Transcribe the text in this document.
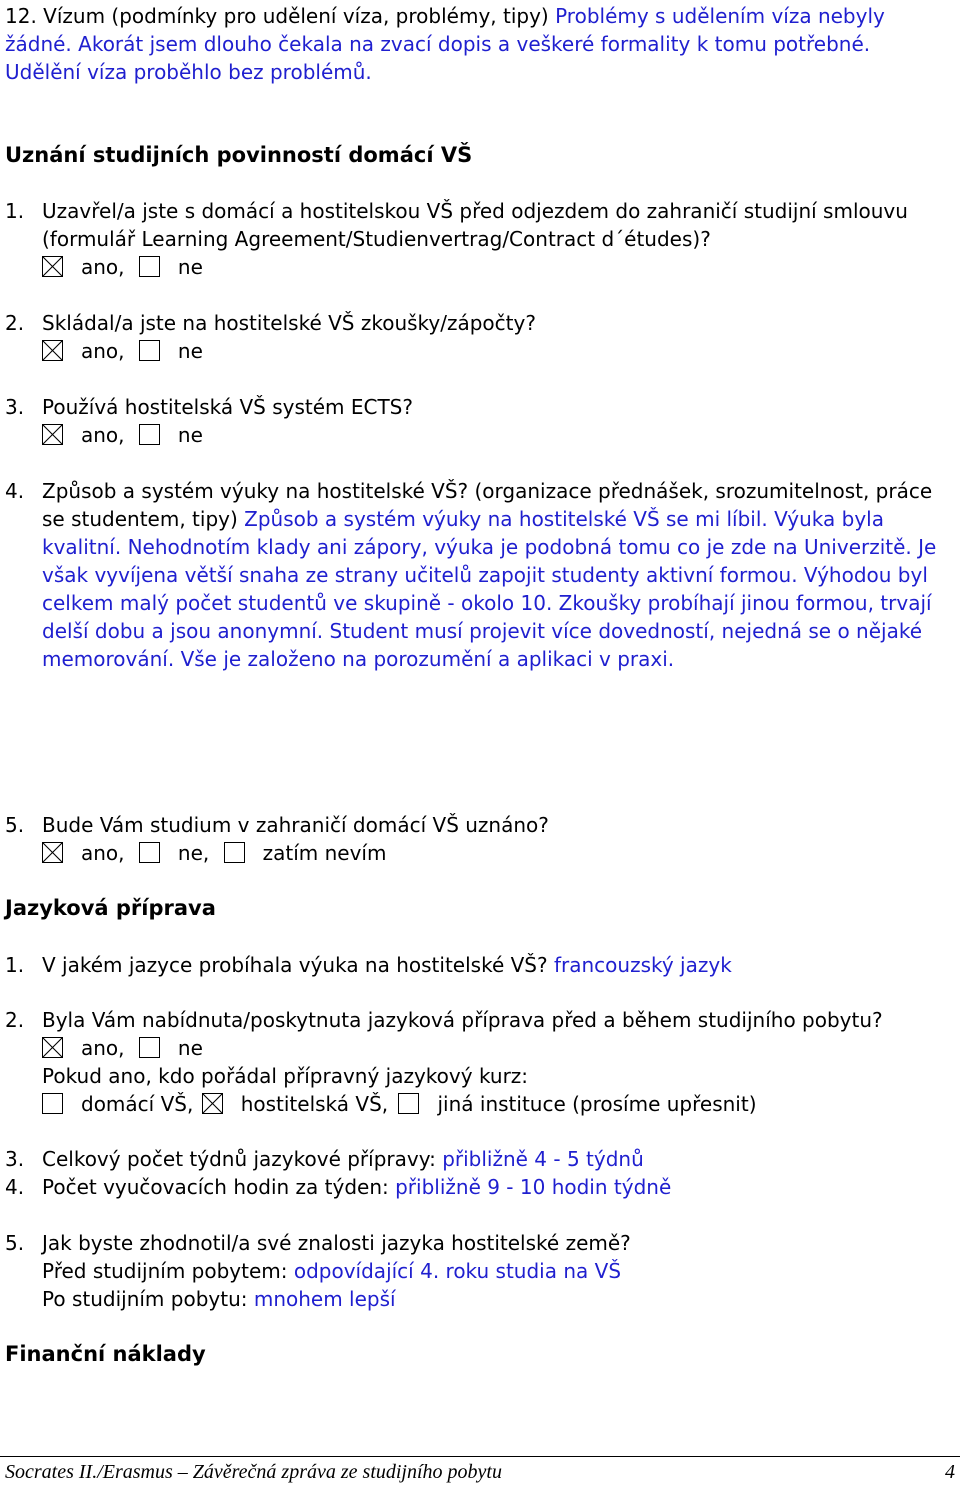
12. Vízum (podmínky pro udělení víza, problémy, tipy) Problémy s udělením víza nebyly
žádné. Akorát jsem dlouho čekala na zvací dopis a veškeré formality k tomu potřebné.
Udělění víza proběhlo bez problémů.
Uznání studijních povinností domácí VŠ
1. Uzavřel/a jste s domácí a hostitelskou VŠ před odjezdem do zahraničí studijní smlouvu
(formulář Learning Agreement/Studienvertrag/Contract d´études)?
ano,	ne
2. Skládal/a jste na hostitelské VŠ zkoušky/zápočty?
ano,	ne
3. Používá hostitelská VŠ systém ECTS?
ano,	ne
4. Způsob a systém výuky na hostitelské VŠ? (organizace přednášek, srozumitelnost, práce
se studentem, tipy) Způsob a systém výuky na hostitelské VŠ se mi líbil. Výuka byla
kvalitní. Nehodnotím klady ani zápory, výuka je podobná tomu co je zde na Univerzitě. Je
však vyvíjena větší snaha ze strany učitelů zapojit studenty aktivní formou. Výhodou byl
celkem malý počet studentů ve skupině - okolo 10. Zkoušky probíhají jinou formou, trvají
delší dobu a jsou anonymní. Student musí projevit více dovedností, nejedná se o nějaké
memorování. Vše je založeno na porozumění a aplikaci v praxi.
5. Bude Vám studium v zahraničí domácí VŠ uznáno?
ano,	ne,	zatím nevím
Jazyková příprava
1. V jakém jazyce probíhala výuka na hostitelské VŠ? francouzský jazyk
2. Byla Vám nabídnuta/poskytnuta jazyková příprava před a během studijního pobytu?
ano,	ne
Pokud ano, kdo pořádal přípravný jazykový kurz:
domácí VŠ, hostitelská VŠ, jiná instituce (prosíme upřesnit)
3. Celkový počet týdnů jazykové přípravy: přibližně 4 - 5 týdnů
4. Počet vyučovacích hodin za týden: přibližně 9 - 10 hodin týdně
5. Jak byste zhodnotil/a své znalosti jazyka hostitelské země?
Před studijním pobytem: odpovídající 4. roku studia na VŠ
Po studijním pobytu: mnohem lepší
Finanční náklady
Socrates II./Erasmus – Závěrečná zpráva ze studijního pobytu	4
